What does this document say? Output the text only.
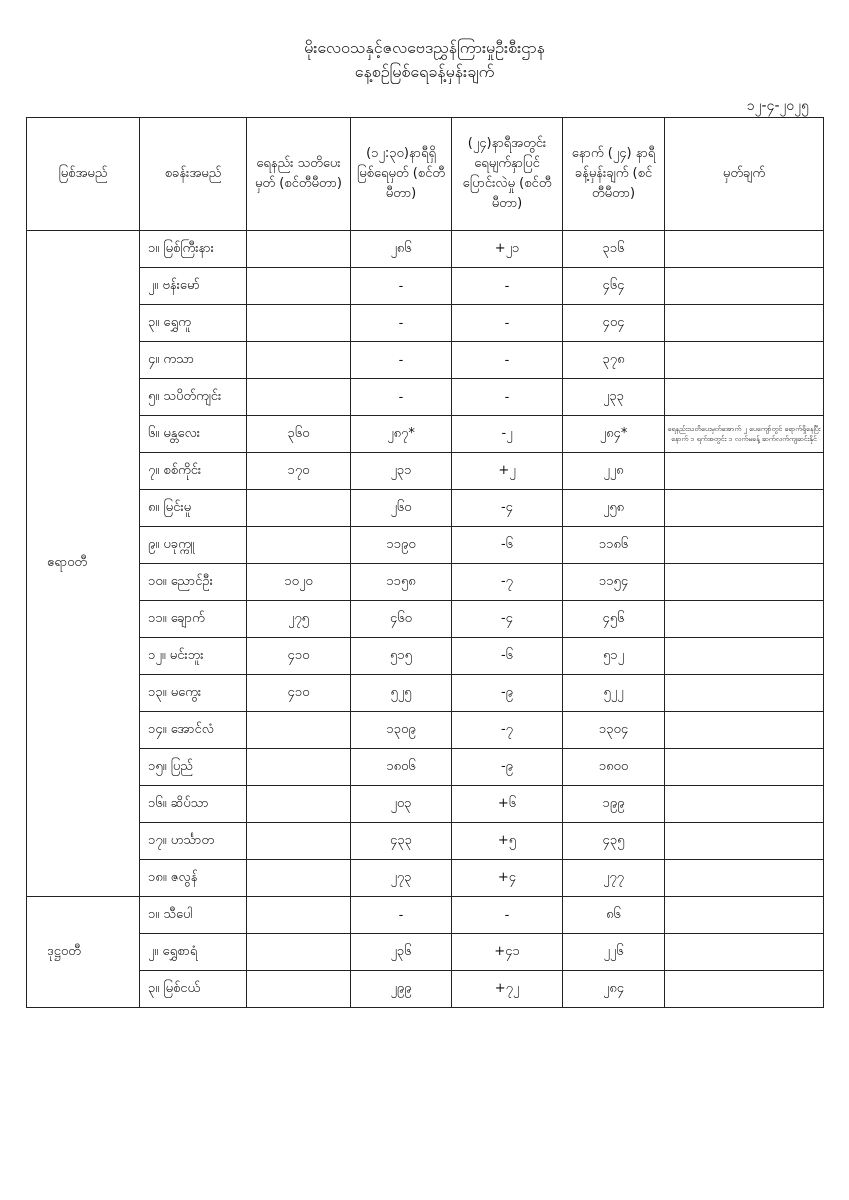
မိုးလေဝသနှင့်ဇလဗေဒညွှန်ကြားမှုဦးစီးဌာန
နေ့စဉ်မြစ်ရေခန့်မှန်းချက်
၁၂-၄-၂၀၂၅
မြစ်အမည်	စခန်းအမည်	ရေနည်း သတိပေးမှတ် (စင်တီမီတာ)	(၁၂:၃၀)နာရီရှိ မြစ်ရေမှတ် (စင်တီမီတာ)	(၂၄)နာရီအတွင်း ရေမျက်နှာပြင် ပြောင်းလဲမှု (စင်တီမီတာ)	နောက် (၂၄) နာရီ ခန့်မှန်းချက် (စင်တီမီတာ)	မှတ်ချက်
ဧရာဝတီ	၁။ မြစ်ကြီးနား		၂၈၆	+၂၁	၃၁၆	
	၂။ ဗန်းမော်		-	-	၄၆၄	
	၃။ ရွှေကူ		-	-	၄၀၄	
	၄။ ကသာ		-	-	၃၇၈	
	၅။ သပိတ်ကျင်း		-	-	၂၃၃	
	၆။ မန္တလေး	၃၆၀	၂၈၇*	-၂	၂၈၄*	ရေနည်းသတိပေးမှတ်အောက် ၂ ပေကျော်တွင် ရောက်ရှိနေပြီး နောက် ၁ ရက်အတွင်း ၁ လက်မခန့် ဆက်လက်ကျဆင်းနိုင်
	၇။ စစ်ကိုင်း	၁၇၀	၂၃၁	+၂	၂၂၈	
	၈။ မြင်းမူ		၂၆၀	-၄	၂၅၈	
	၉။ ပခုက္ကူ		၁၁၉၀	-၆	၁၁၈၆	
	၁၀။ ညောင်ဦး	၁၀၂၀	၁၁၅၈	-၇	၁၁၅၄	
	၁၁။ ချောက်	၂၇၅	၄၆၀	-၄	၄၅၆	
	၁၂။ မင်းဘူး	၄၁၀	၅၁၅	-၆	၅၁၂	
	၁၃။ မကွေး	၄၁၀	၅၂၅	-၉	၅၂၂	
	၁၄။ အောင်လံ		၁၃၀၉	-၇	၁၃၀၄	
	၁၅။ ပြည်		၁၈၀၆	-၉	၁၈၀၀	
	၁၆။ ဆိပ်သာ		၂၀၃	+၆	၁၉၉	
	၁၇။ ဟင်္သာတ		၄၃၃	+၅	၄၃၅	
	၁၈။ ဇလွန်		၂၇၃	+၄	၂၇၇	
ဒုဋ္ဌဝတီ	၁။ သီပေါ		-	-	၈၆	
	၂။ ရွှေစာရံ		၂၃၆	+၄၁	၂၂၆	
	၃။ မြစ်ငယ်		၂၉၉	+၇၂	၂၈၄	
